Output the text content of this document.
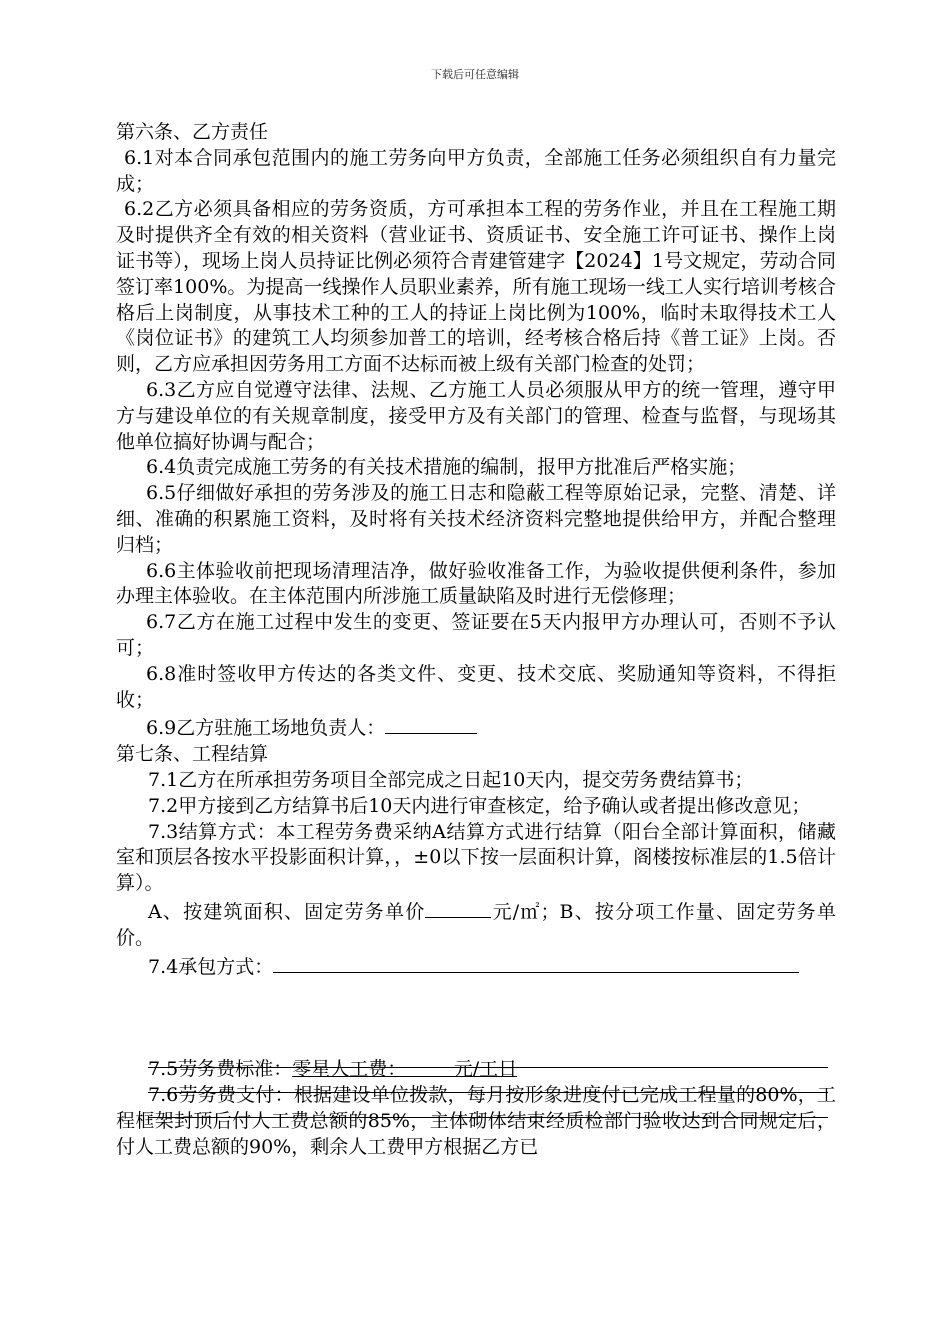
下载后可任意编辑

第六条、乙方责任

6.1对本合同承包范围内的施工劳务向甲方负责，全部施工任务必须组织自有力量完成；

6.2乙方必须具备相应的劳务资质，方可承担本工程的劳务作业，并且在工程施工期及时提供齐全有效的相关资料（营业证书、资质证书、安全施工许可证书、操作上岗证书等），现场上岗人员持证比例必须符合青建管建字【2024】1号文规定，劳动合同签订率100%。为提高一线操作人员职业素养，所有施工现场一线工人实行培训考核合格后上岗制度，从事技术工种的工人的持证上岗比例为100%，临时未取得技术工人《岗位证书》的建筑工人均须参加普工的培训，经考核合格后持《普工证》上岗。否则，乙方应承担因劳务用工方面不达标而被上级有关部门检查的处罚；

6.3乙方应自觉遵守法律、法规、乙方施工人员必须服从甲方的统一管理，遵守甲方与建设单位的有关规章制度，接受甲方及有关部门的管理、检查与监督，与现场其他单位搞好协调与配合；

6.4负责完成施工劳务的有关技术措施的编制，报甲方批准后严格实施；

6.5仔细做好承担的劳务涉及的施工日志和隐蔽工程等原始记录，完整、清楚、详细、准确的积累施工资料，及时将有关技术经济资料完整地提供给甲方，并配合整理归档；

6.6主体验收前把现场清理洁净，做好验收准备工作，为验收提供便利条件，参加办理主体验收。在主体范围内所涉施工质量缺陷及时进行无偿修理；

6.7乙方在施工过程中发生的变更、签证要在5天内报甲方办理认可，否则不予认可；

6.8准时签收甲方传达的各类文件、变更、技术交底、奖励通知等资料，不得拒收；

6.9乙方驻施工场地负责人：

第七条、工程结算

7.1乙方在所承担劳务项目全部完成之日起10天内，提交劳务费结算书；

7.2甲方接到乙方结算书后10天内进行审查核定，给予确认或者提出修改意见；

7.3结算方式：本工程劳务费采纳A结算方式进行结算（阳台全部计算面积，储藏室和顶层各按水平投影面积计算，，±0以下按一层面积计算，阁楼按标准层的1.5倍计算）。

A、按建筑面积、固定劳务单价	元/㎡；B、按分项工作量、固定劳务单价。

7.4承包方式：

7.5劳务费标准：零星人工费：　　　元/工日

7.6劳务费支付：根据建设单位拨款，每月按形象进度付已完成工程量的80%，工程框架封顶后付人工费总额的85%，主体砌体结束经质检部门验收达到合同规定后，付人工费总额的90%，剩余人工费甲方根据乙方已
